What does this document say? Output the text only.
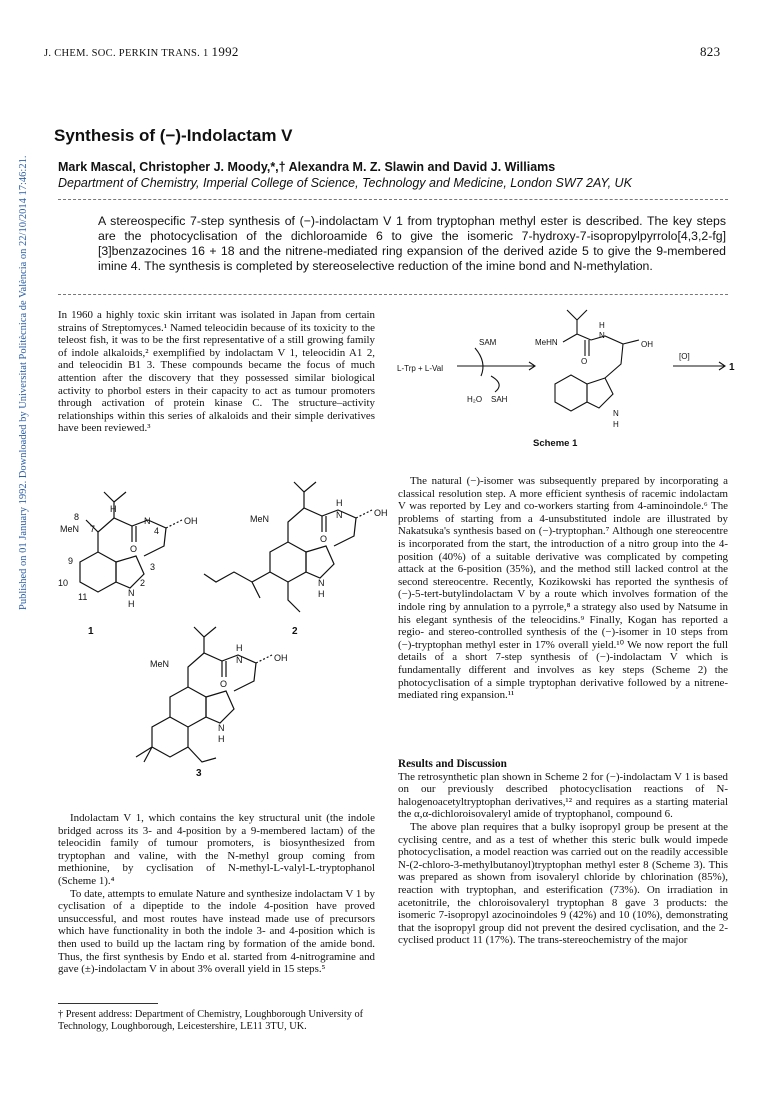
J. CHEM. SOC. PERKIN TRANS. 1 1992	823
Published on 01 January 1992. Downloaded by Universitat Politècnica de València on 22/10/2014 17:46:21.
Synthesis of (−)-Indolactam V
Mark Mascal, Christopher J. Moody,*,† Alexandra M. Z. Slawin and David J. Williams
Department of Chemistry, Imperial College of Science, Technology and Medicine, London SW7 2AY, UK
A stereospecific 7-step synthesis of (−)-indolactam V 1 from tryptophan methyl ester is described. The key steps are the photocyclisation of the dichloroamide 6 to give the isomeric 7-hydroxy-7-isopropylpyrrolo[4,3,2-fg][3]benzazocines 16 + 18 and the nitrene-mediated ring expansion of the derived azide 5 to give the 9-membered imine 4. The synthesis is completed by stereoselective reduction of the imine bond and N-methylation.

In 1960 a highly toxic skin irritant was isolated in Japan from certain strains of Streptomyces.¹ Named teleocidin because of its toxicity to the teleost fish, it was to be the first representative of a still growing family of indole alkaloids,² exemplified by indolactam V 1, teleocidin A1 2, and teleocidin B1 3. These compounds became the focus of much attention after the discovery that they possessed similar biological activity to phorbol esters in their capacity to act as tumour promoters through activation of protein kinase C. The structure–activity relationships within this series of alkaloids and their simple derivatives have been reviewed.³

MeN
8
7
H
N
4
OH
O
3
9
10
11	N
2
H
MeN
H
N	OH
O
N
H
MeN
H
N	OH
O
N
H
1	2
3

Indolactam V 1, which contains the key structural unit (the indole bridged across its 3- and 4-position by a 9-membered lactam) of the teleocidin family of tumour promoters, is biosynthesized from tryptophan and valine, with the N-methyl group coming from methionine, by cyclisation of N-methyl-L-valyl-L-tryptophanol (Scheme 1).⁴

To date, attempts to emulate Nature and synthesize indolactam V 1 by cyclisation of a dipeptide to the indole 4-position have proved unsuccessful, and most routes have instead made use of precursors which have functionality in both the indole 3- and 4-position which is then used to build up the lactam ring by formation of the amide bond. Thus, the first synthesis by Endo et al. started from 4-nitrogramine and gave (±)-indolactam V in about 3% overall yield in 15 steps.⁵

† Present address: Department of Chemistry, Loughborough University of Technology, Loughborough, Leicestershire, LE11 3TU, UK.
L-Trp + L-Val
SAM
H₂O SAH
MeHN
H
N
OH
O
N
H
[O]
1
Scheme 1

The natural (−)-isomer was subsequently prepared by incorporating a classical resolution step. A more efficient synthesis of racemic indolactam V was reported by Ley and co-workers starting from 4-aminoindole.⁶ The problems of starting from a 4-unsubstituted indole are illustrated by Nakatsuka's synthesis based on (−)-tryptophan.⁷ Although one stereocentre is incorporated from the start, the introduction of a nitro group into the 4-position (40%) of a suitable derivative was complicated by competing attack at the 6-position (35%), and the method still lacked control at the second stereocentre. Recently, Kozikowski has reported the synthesis of (−)-5-tert-butylindolactam V by a route which involves formation of the indole ring by annulation to a pyrrole,⁸ a strategy also used by Natsume in his elegant synthesis of the teleocidins.⁹ Finally, Kogan has reported a regio- and stereo-controlled synthesis of the (−)-isomer in 10 steps from (−)-tryptophan methyl ester in 17% overall yield.¹⁰ We now report the full details of a short 7-step synthesis of (−)-indolactam V which is fundamentally different and involves as key steps (Scheme 2) the photocyclisation of a simple tryptophan derivative followed by a nitrene-mediated ring expansion.¹¹

Results and Discussion

The retrosynthetic plan shown in Scheme 2 for (−)-indolactam V 1 is based on our previously described photocyclisation reactions of N-halogenoacetyltryptophan derivatives,¹² and requires as a starting material the α,α-dichloroisovaleryl amide of tryptophanol, compound 6.

The above plan requires that a bulky isopropyl group be present at the cyclising centre, and as a test of whether this steric bulk would impede photocyclisation, a model reaction was carried out on the readily accessible N-(2-chloro-3-methylbutanoyl)tryptophan methyl ester 8 (Scheme 3). This was prepared as shown from isovaleryl chloride by chlorination (85%), reaction with tryptophan, and esterification (73%). On irradiation in acetonitrile, the chloroisovaleryl tryptophan 8 gave 3 products: the isomeric 7-isopropyl azocinoindoles 9 (42%) and 10 (10%), demonstrating that the isopropyl group did not prevent the desired cyclisation, and the 2-cyclised product 11 (17%). The trans-stereochemistry of the major
